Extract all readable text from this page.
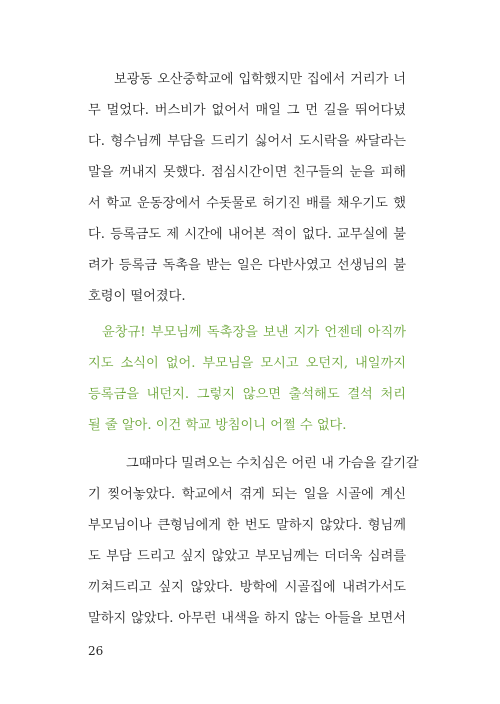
보광동 오산중학교에 입학했지만 집에서 거리가 너
무 멀었다. 버스비가 없어서 매일 그 먼 길을 뛰어다녔
다. 형수님께 부담을 드리기 싫어서 도시락을 싸달라는
말을 꺼내지 못했다. 점심시간이면 친구들의 눈을 피해
서 학교 운동장에서 수돗물로 허기진 배를 채우기도 했
다. 등록금도 제 시간에 내어본 적이 없다. 교무실에 불
려가 등록금 독촉을 받는 일은 다반사였고 선생님의 불
호령이 떨어졌다.
윤창규! 부모님께 독촉장을 보낸 지가 언젠데 아직까
지도 소식이 없어. 부모님을 모시고 오던지, 내일까지
등록금을 내던지. 그렇지 않으면 출석해도 결석 처리
될 줄 알아. 이건 학교 방침이니 어쩔 수 없다.
그때마다 밀려오는 수치심은 어린 내 가슴을 갈기갈
기 찢어놓았다. 학교에서 겪게 되는 일을 시골에 계신
부모님이나 큰형님에게 한 번도 말하지 않았다. 형님께
도 부담 드리고 싶지 않았고 부모님께는 더더욱 심려를
끼쳐드리고 싶지 않았다. 방학에 시골집에 내려가서도
말하지 않았다. 아무런 내색을 하지 않는 아들을 보면서
26
